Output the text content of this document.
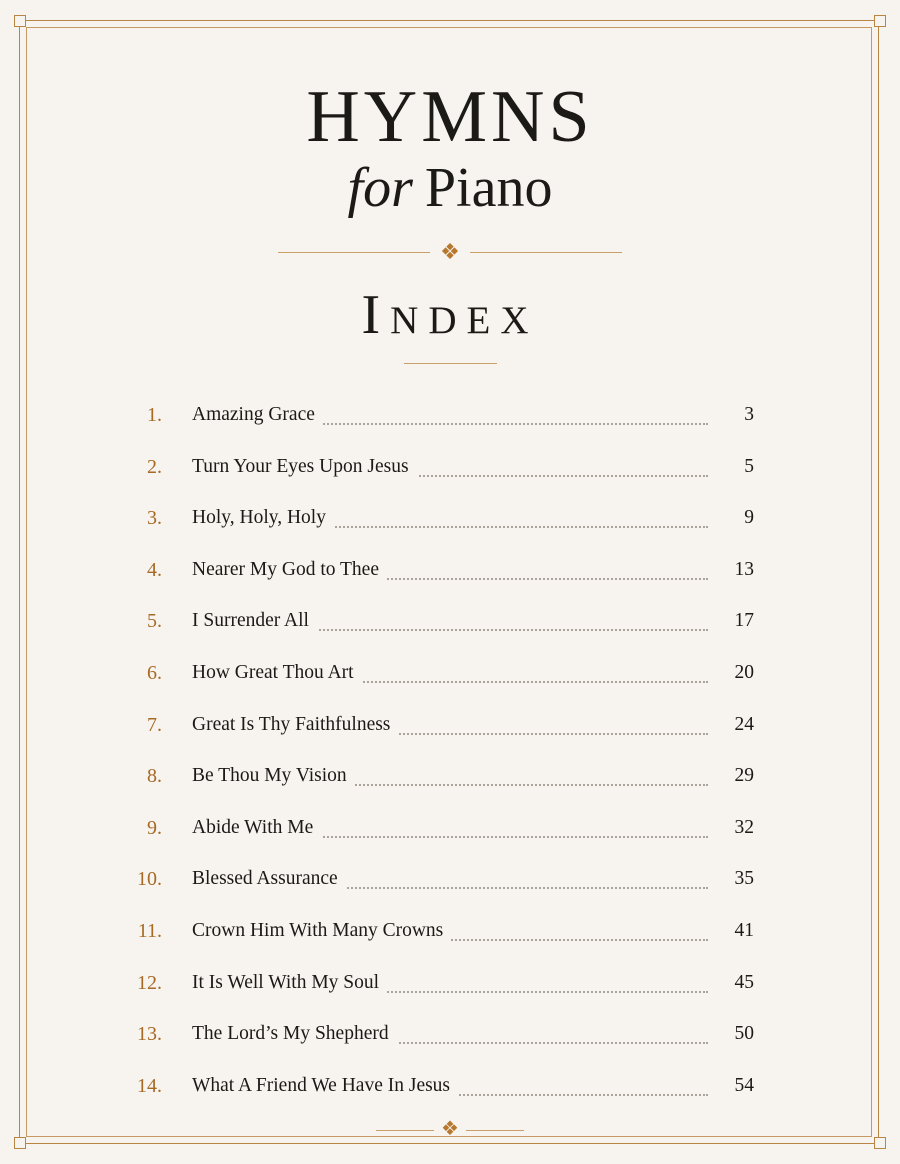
HYMNS
for Piano
❖
Index
1. Amazing Grace	3
2. Turn Your Eyes Upon Jesus	5
3. Holy, Holy, Holy	9
4. Nearer My God to Thee	13
5. I Surrender All	17
6. How Great Thou Art	20
7. Great Is Thy Faithfulness	24
8. Be Thou My Vision	29
9. Abide With Me	32
10. Blessed Assurance	35
11. Crown Him With Many Crowns	41
12. It Is Well With My Soul	45
13. The Lord’s My Shepherd	50
14. What A Friend We Have In Jesus	54
❖
